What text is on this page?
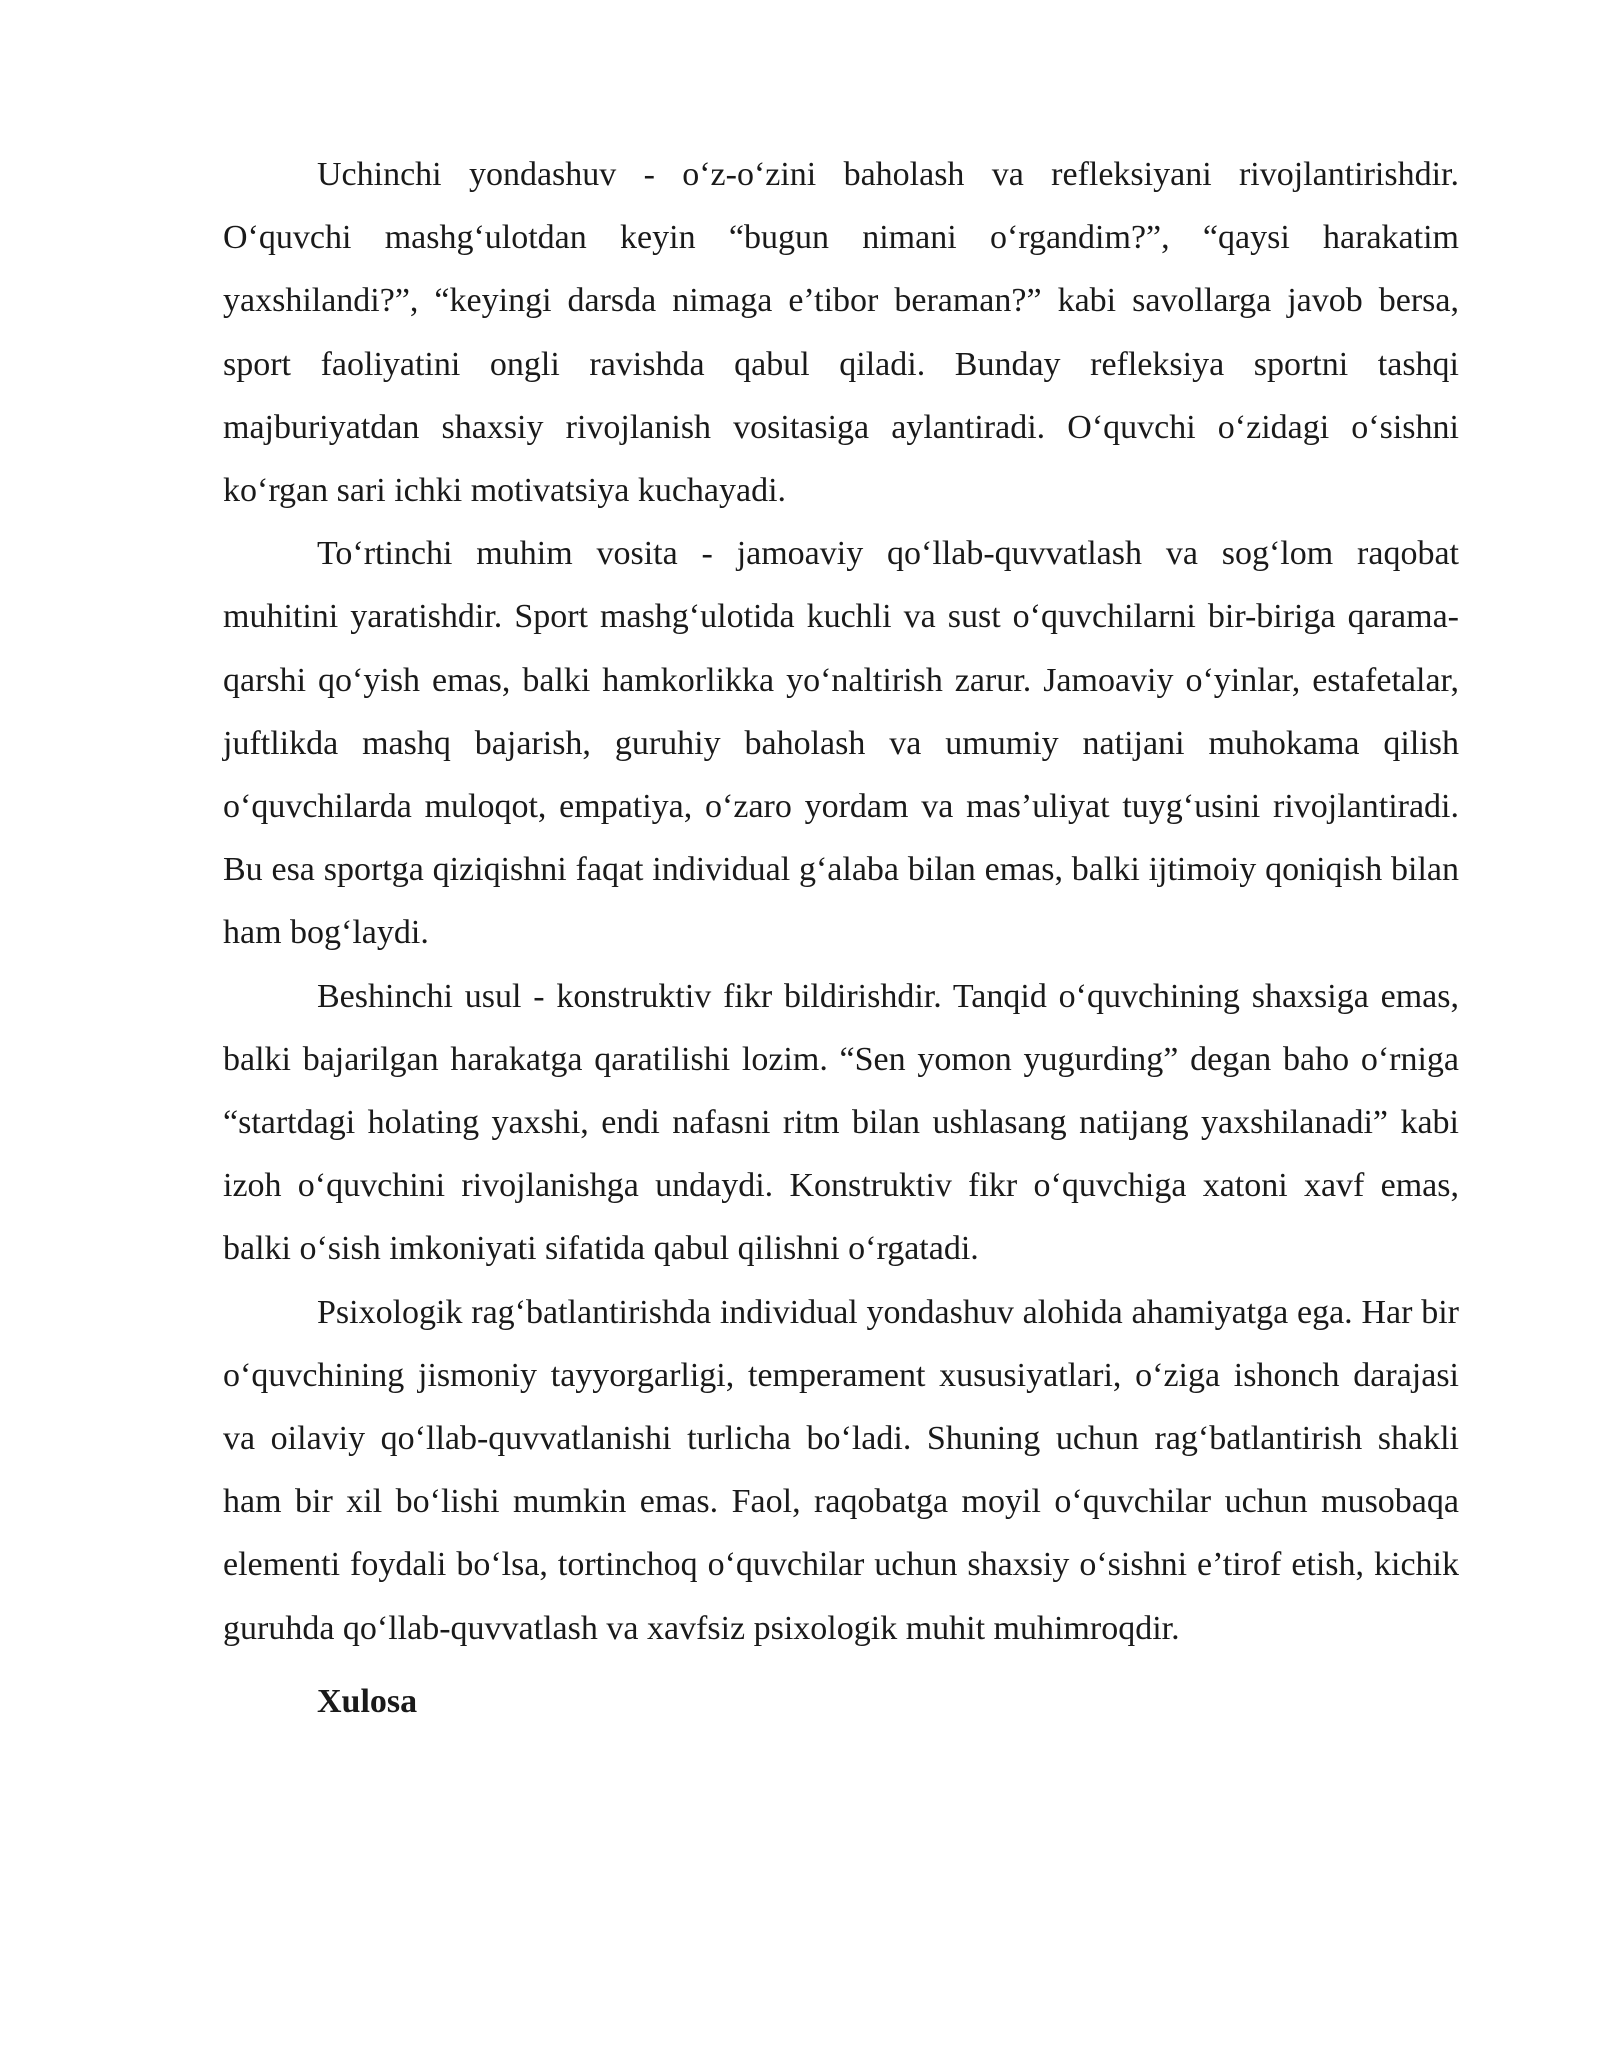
Uchinchi yondashuv - o‘z-o‘zini baholash va refleksiyani rivojlantirishdir. O‘quvchi mashg‘ulotdan keyin “bugun nimani o‘rgandim?”, “qaysi harakatim yaxshilandi?”, “keyingi darsda nimaga e’tibor beraman?” kabi savollarga javob bersa, sport faoliyatini ongli ravishda qabul qiladi. Bunday refleksiya sportni tashqi majburiyatdan shaxsiy rivojlanish vositasiga aylantiradi. O‘quvchi o‘zidagi o‘sishni ko‘rgan sari ichki motivatsiya kuchayadi.

To‘rtinchi muhim vosita - jamoaviy qo‘llab-quvvatlash va sog‘lom raqobat muhitini yaratishdir. Sport mashg‘ulotida kuchli va sust o‘quvchilarni bir-biriga qarama-qarshi qo‘yish emas, balki hamkorlikka yo‘naltirish zarur. Jamoaviy o‘yinlar, estafetalar, juftlikda mashq bajarish, guruhiy baholash va umumiy natijani muhokama qilish o‘quvchilarda muloqot, empatiya, o‘zaro yordam va mas’uliyat tuyg‘usini rivojlantiradi. Bu esa sportga qiziqishni faqat individual g‘alaba bilan emas, balki ijtimoiy qoniqish bilan ham bog‘laydi.

Beshinchi usul - konstruktiv fikr bildirishdir. Tanqid o‘quvchining shaxsiga emas, balki bajarilgan harakatga qaratilishi lozim. “Sen yomon yugurding” degan baho o‘rniga “startdagi holating yaxshi, endi nafasni ritm bilan ushlasang natijang yaxshilanadi” kabi izoh o‘quvchini rivojlanishga undaydi. Konstruktiv fikr o‘quvchiga xatoni xavf emas, balki o‘sish imkoniyati sifatida qabul qilishni o‘rgatadi.

Psixologik rag‘batlantirishda individual yondashuv alohida ahamiyatga ega. Har bir o‘quvchining jismoniy tayyorgarligi, temperament xususiyatlari, o‘ziga ishonch darajasi va oilaviy qo‘llab-quvvatlanishi turlicha bo‘ladi. Shuning uchun rag‘batlantirish shakli ham bir xil bo‘lishi mumkin emas. Faol, raqobatga moyil o‘quvchilar uchun musobaqa elementi foydali bo‘lsa, tortinchoq o‘quvchilar uchun shaxsiy o‘sishni e’tirof etish, kichik guruhda qo‘llab-quvvatlash va xavfsiz psixologik muhit muhimroqdir.

Xulosa
